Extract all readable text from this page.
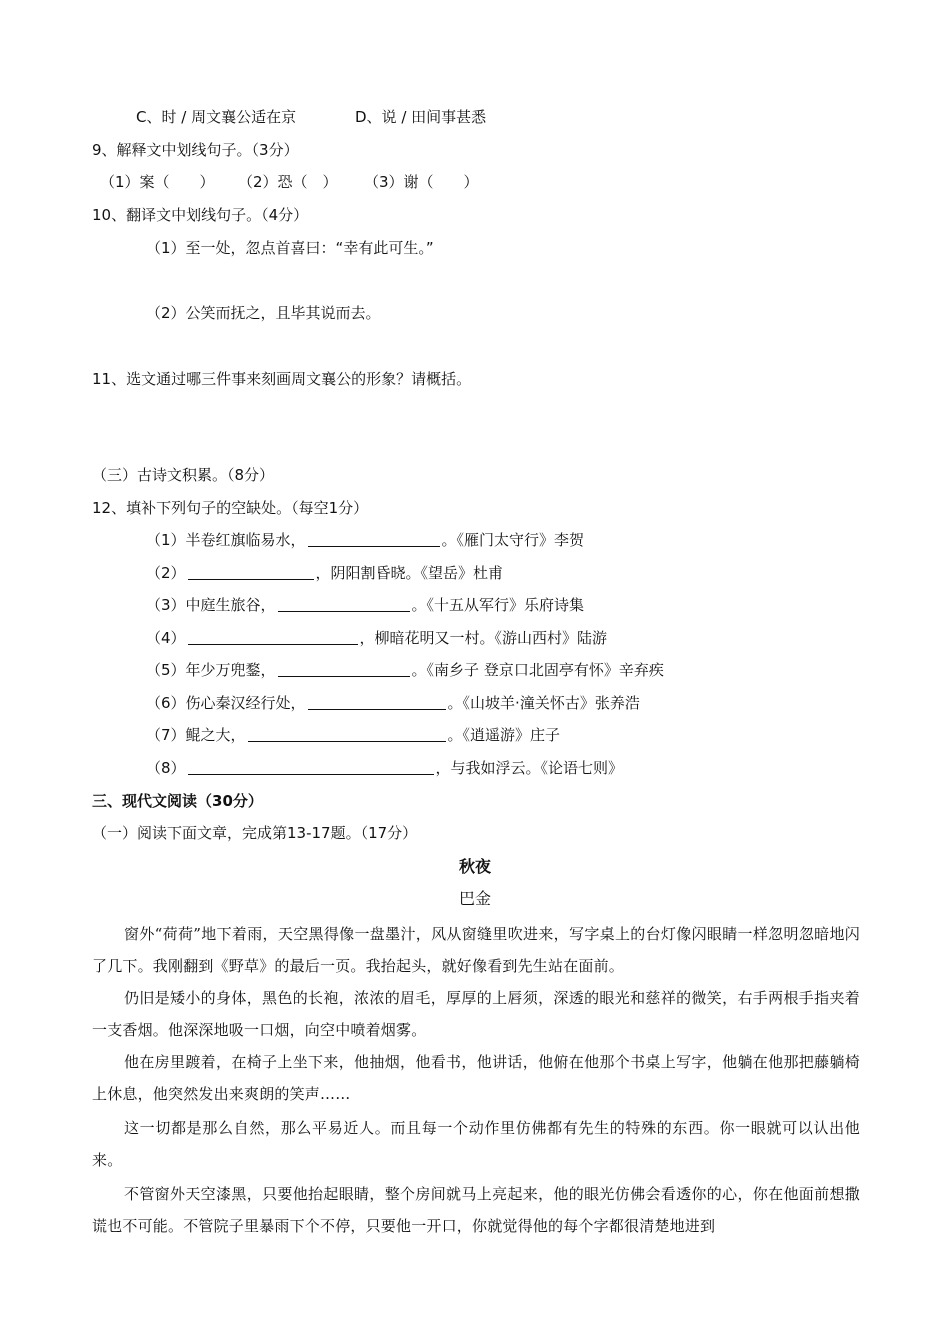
C、时 / 周文襄公适在京	D、说 / 田间事甚悉
9、解释文中划线句子。（3分）
（1）案（　　） （2）恐（　） （3）谢（　　）
10、翻译文中划线句子。（4分）
（1）至一处，忽点首喜曰：“幸有此可生。”
（2）公笑而抚之，且毕其说而去。
11、选文通过哪三件事来刻画周文襄公的形象？请概括。
（三）古诗文积累。（8分）
12、填补下列句子的空缺处。（每空1分）
（1）半卷红旗临易水，	。《雁门太守行》李贺
（2）	，阴阳割昏晓。《望岳》杜甫
（3）中庭生旅谷，	。《十五从军行》乐府诗集
（4）	，柳暗花明又一村。《游山西村》陆游
（5）年少万兜鍪，	。《南乡子 登京口北固亭有怀》辛弃疾
（6）伤心秦汉经行处，	。《山坡羊·潼关怀古》张养浩
（7）鲲之大，	。《逍遥游》庄子
（8）	，与我如浮云。《论语七则》
三、现代文阅读（30分）
（一）阅读下面文章，完成第13-17题。（17分）
秋夜
巴金
窗外“荷荷”地下着雨，天空黑得像一盘墨汁，风从窗缝里吹进来，写字桌上的台灯像闪眼睛一样忽明忽暗地闪了几下。我刚翻到《野草》的最后一页。我抬起头，就好像看到先生站在面前。
仍旧是矮小的身体，黑色的长袍，浓浓的眉毛，厚厚的上唇须，深透的眼光和慈祥的微笑，右手两根手指夹着一支香烟。他深深地吸一口烟，向空中喷着烟雾。
他在房里踱着，在椅子上坐下来，他抽烟，他看书，他讲话，他俯在他那个书桌上写字，他躺在他那把藤躺椅上休息，他突然发出来爽朗的笑声……
这一切都是那么自然，那么平易近人。而且每一个动作里仿佛都有先生的特殊的东西。你一眼就可以认出他来。
不管窗外天空漆黑，只要他抬起眼睛，整个房间就马上亮起来，他的眼光仿佛会看透你的心，你在他面前想撒谎也不可能。不管院子里暴雨下个不停，只要他一开口，你就觉得他的每个字都很清楚地进到
